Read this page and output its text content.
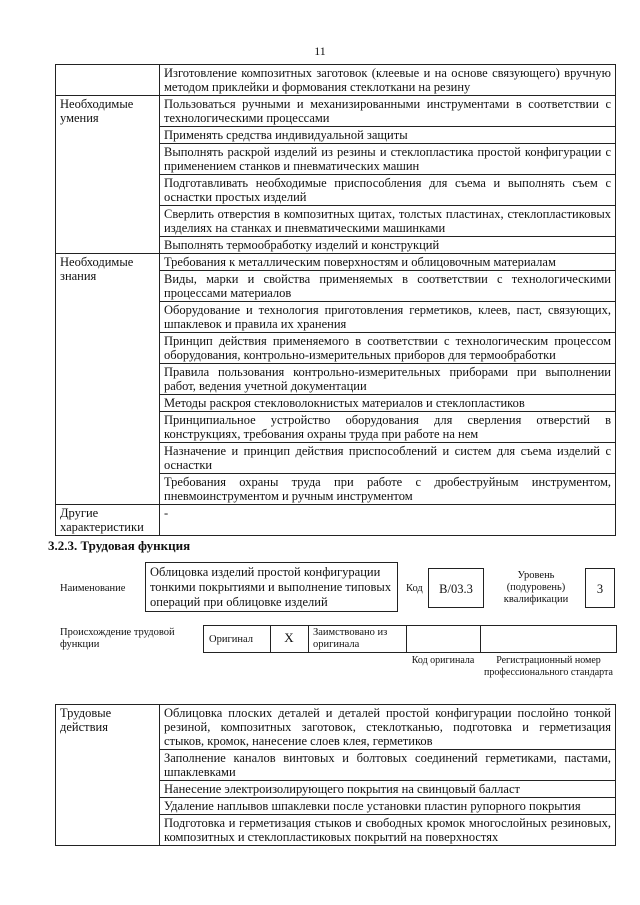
11
	Изготовление композитных заготовок (клеевые и на основе связующего) вручную методом приклейки и формования стеклоткани на резину
Необходимые умения	Пользоваться ручными и механизированными инструментами в соответствии с технологическими процессами
	Применять средства индивидуальной защиты
	Выполнять раскрой изделий из резины и стеклопластика простой конфигурации с применением станков и пневматических машин
	Подготавливать необходимые приспособления для съема и выполнять съем с оснастки простых изделий
	Сверлить отверстия в композитных щитах, толстых пластинах, стеклопластиковых изделиях на станках и пневматическими машинками
	Выполнять термообработку изделий и конструкций
Необходимые знания	Требования к металлическим поверхностям и облицовочным материалам
	Виды, марки и свойства применяемых в соответствии с технологическими процессами материалов
	Оборудование и технология приготовления герметиков, клеев, паст, связующих, шпаклевок и правила их хранения
	Принцип действия применяемого в соответствии с технологическим процессом оборудования, контрольно-измерительных приборов для термообработки
	Правила пользования контрольно-измерительных приборами при выполнении работ, ведения учетной документации
	Методы раскроя стекловолокнистых материалов и стеклопластиков
	Принципиальное устройство оборудования для сверления отверстий в конструкциях, требования охраны труда при работе на нем
	Назначение и принцип действия приспособлений и систем для съема изделий с оснастки
	Требования охраны труда при работе с дробеструйным инструментом, пневмоинструментом и ручным инструментом
Другие характеристики	-
3.2.3. Трудовая функция
Наименование
Облицовка изделий простой конфигурации тонкими покрытиями и выполнение типовых операций при облицовке изделий
Код	B/03.3
Уровень (подуровень) квалификации
3
Происхождение трудовой функции	Оригинал	X	Заимствовано из оригинала
Код оригинала	Регистрационный номер профессионального стандарта
Трудовые действия	Облицовка плоских деталей и деталей простой конфигурации послойно тонкой резиной, композитных заготовок, стеклотканью, подготовка и герметизация стыков, кромок, нанесение слоев клея, герметиков
Заполнение каналов винтовых и болтовых соединений герметиками, пастами, шпаклевками
Нанесение электроизолирующего покрытия на свинцовый балласт
Удаление наплывов шпаклевки после установки пластин рупорного покрытия
Подготовка и герметизация стыков и свободных кромок многослойных резиновых, композитных и стеклопластиковых покрытий на поверхностях
